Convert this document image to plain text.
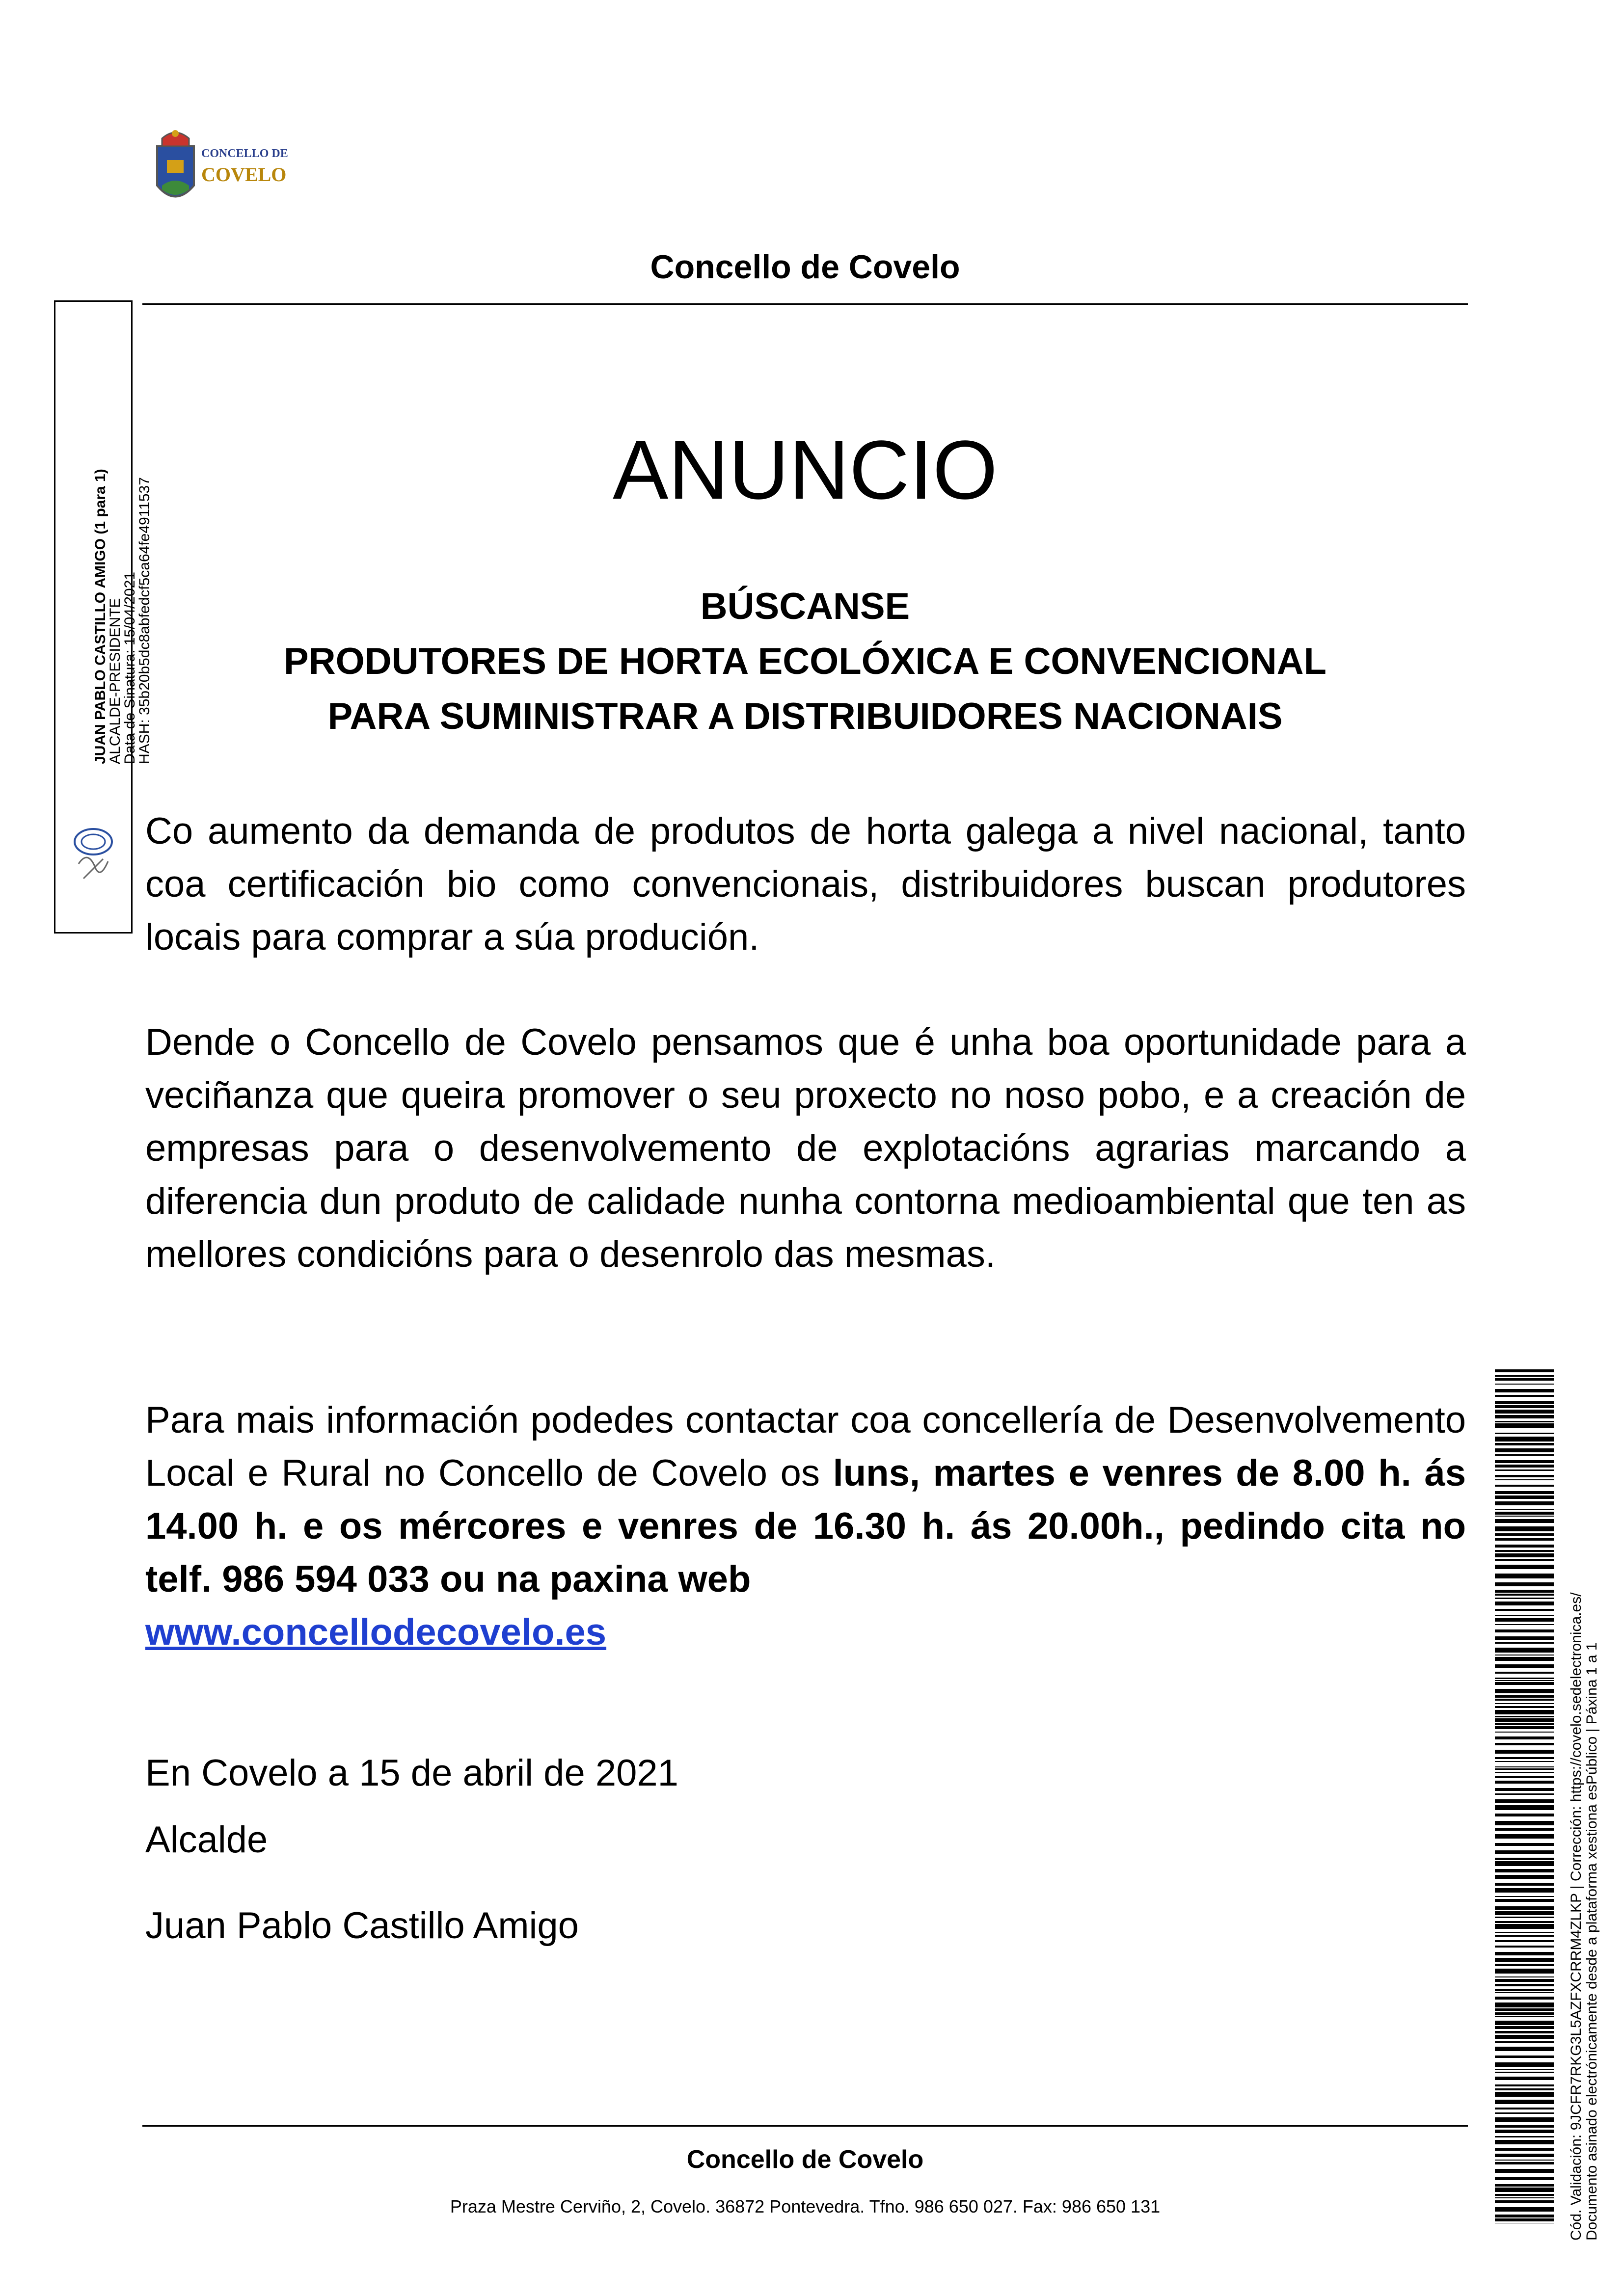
CONCELLO DE
COVELO
Concello de Covelo
JUAN PABLO CASTILLO AMIGO (1 para 1)
ALCALDE-PRESIDENTE
Data de Sinatura: 15/04/2021
HASH: 35b20b5dc8abfedcf5ca64fe4911537
ANUNCIO
BÚSCANSE
PRODUTORES DE HORTA ECOLÓXICA E CONVENCIONAL
PARA SUMINISTRAR A DISTRIBUIDORES NACIONAIS
Co aumento da demanda de produtos de horta galega a nivel nacional, tanto coa certificación bio como convencionais, distribuidores buscan produtores locais para comprar a súa produción.
Dende o Concello de Covelo pensamos que é unha boa oportunidade para a veciñanza que queira promover o seu proxecto no noso pobo, e a creación de empresas para o desenvolvemento de explotacións agrarias marcando a diferencia dun produto de calidade nunha contorna medioambiental que ten as mellores condicións para o desenrolo das mesmas.
Para mais información podedes contactar coa concellería de Desenvolvemento Local e Rural no Concello de Covelo os luns, martes e venres de 8.00 h. ás 14.00 h. e os mércores e venres de 16.30 h. ás 20.00h., pedindo cita no telf. 986 594 033 ou na paxina web
www.concellodecovelo.es
En Covelo a 15 de abril de 2021
Alcalde
Juan Pablo Castillo Amigo
Concello de Covelo
Praza Mestre Cerviño, 2, Covelo. 36872 Pontevedra. Tfno. 986 650 027. Fax: 986 650 131	Cód. Validación: 9JCFR7RKG3L5AZFXCRRM4ZLKP | Corrección: https://covelo.sedelectronica.es/ Documento asinado electrónicamente desde a plataforma xestiona esPúblico | Páxina 1 a 1
